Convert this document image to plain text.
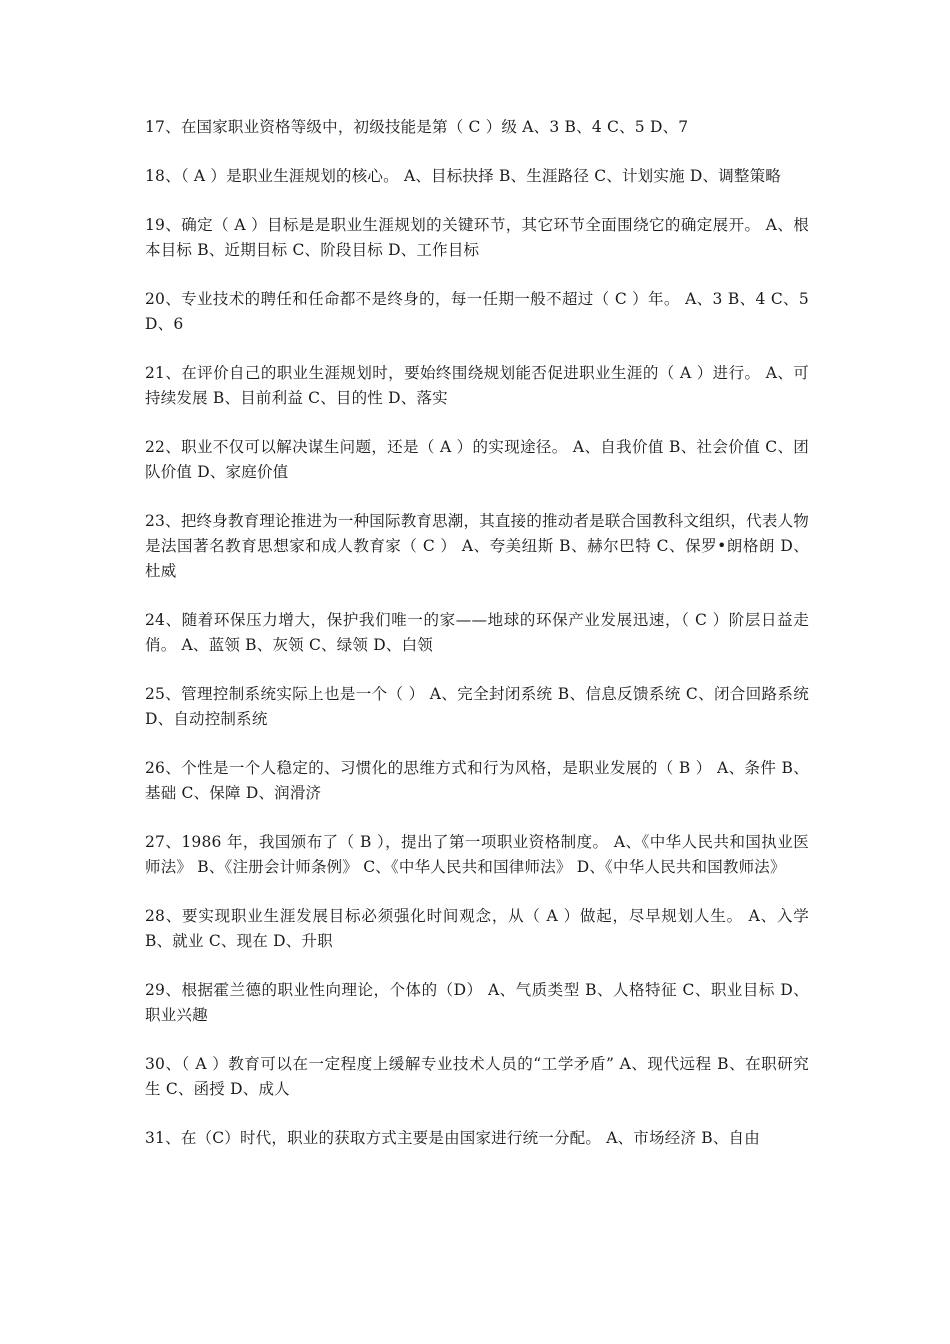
17、在国家职业资格等级中，初级技能是第（ C ）级 A、3 B、4 C、5 D、7

18、（ A ）是职业生涯规划的核心。 A、目标抉择 B、生涯路径 C、计划实施 D、调整策略

19、确定（ A ）目标是是职业生涯规划的关键环节，其它环节全面围绕它的确定展开。 A、根本目标 B、近期目标 C、阶段目标 D、工作目标

20、专业技术的聘任和任命都不是终身的，每一任期一般不超过（ C ）年。 A、3 B、4 C、5 D、6

21、在评价自己的职业生涯规划时，要始终围绕规划能否促进职业生涯的（ A ）进行。 A、可持续发展 B、目前利益 C、目的性 D、落实

22、职业不仅可以解决谋生问题，还是（ A ）的实现途径。 A、自我价值 B、社会价值 C、团队价值 D、家庭价值

23、把终身教育理论推进为一种国际教育思潮，其直接的推动者是联合国教科文组织，代表人物是法国著名教育思想家和成人教育家（ C ） A、夸美纽斯 B、赫尔巴特 C、保罗•朗格朗 D、杜威

24、随着环保压力增大，保护我们唯一的家——地球的环保产业发展迅速，（ C ）阶层日益走俏。 A、蓝领 B、灰领 C、绿领 D、白领

25、管理控制系统实际上也是一个（ ） A、完全封闭系统 B、信息反馈系统 C、闭合回路系统 D、自动控制系统

26、个性是一个人稳定的、习惯化的思维方式和行为风格，是职业发展的（ B ） A、条件 B、基础 C、保障 D、润滑济

27、1986 年，我国颁布了（ B ），提出了第一项职业资格制度。 A、《中华人民共和国执业医师法》 B、《注册会计师条例》 C、《中华人民共和国律师法》 D、《中华人民共和国教师法》

28、要实现职业生涯发展目标必须强化时间观念，从（ A ）做起，尽早规划人生。 A、入学 B、就业 C、现在 D、升职

29、根据霍兰德的职业性向理论，个体的（D） A、气质类型 B、人格特征 C、职业目标 D、职业兴趣

30、（ A ）教育可以在一定程度上缓解专业技术人员的“工学矛盾” A、现代远程 B、在职研究生 C、函授 D、成人

31、在（C）时代，职业的获取方式主要是由国家进行统一分配。 A、市场经济 B、自由
